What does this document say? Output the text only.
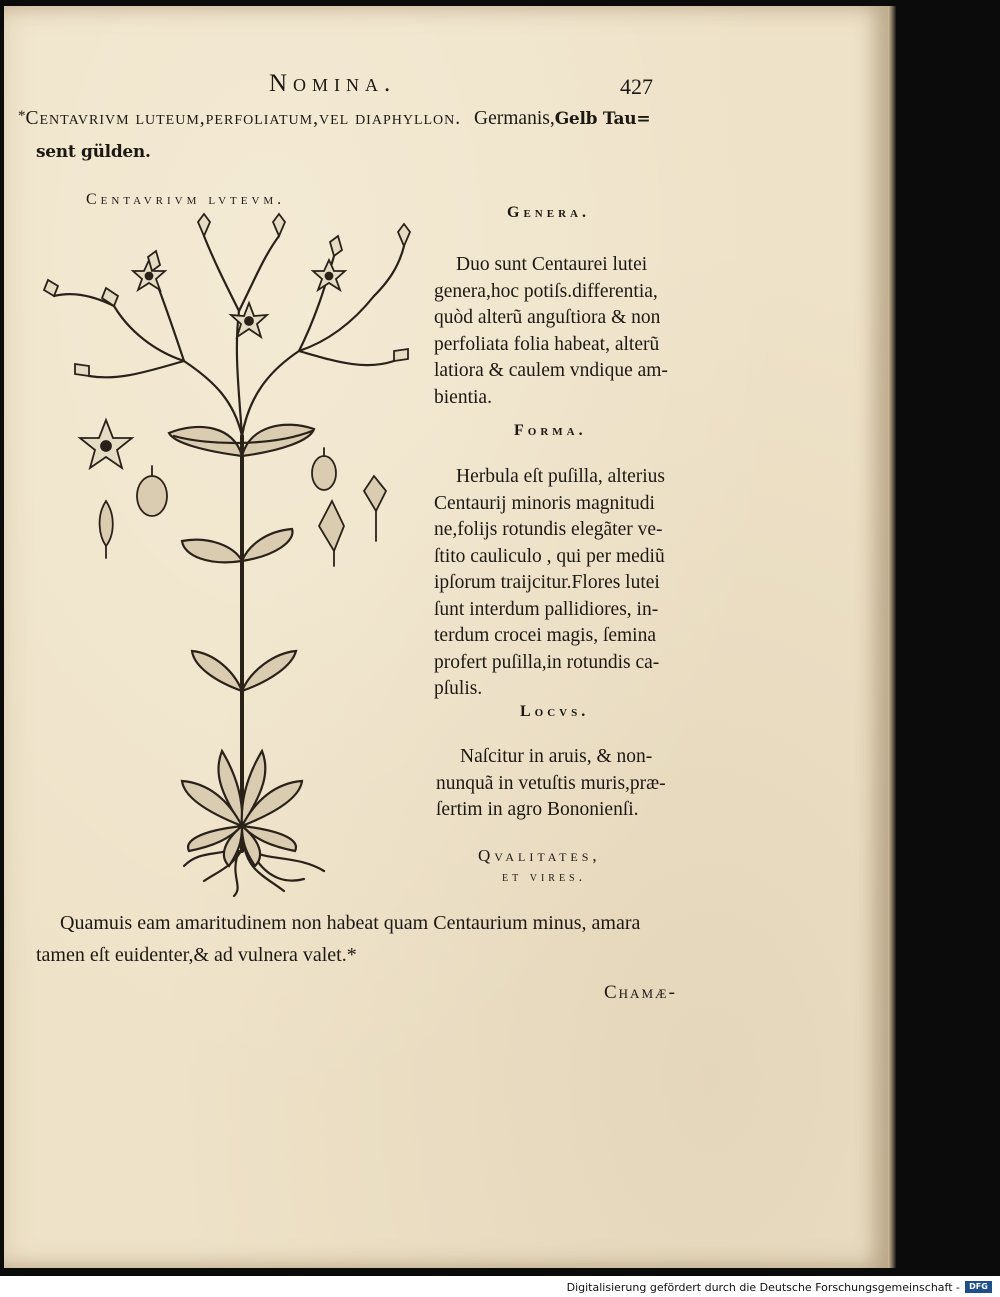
Nomina.	427
*Centavrivm luteum,perfoliatum,vel diaphyllon. Germanis,Gelb Tau=
sent gülden.
Centavrivm lvtevm.
Genera.
Duo sunt Centaurei lutei
genera,hoc potiſs.differentia,
quòd alterũ anguſtiora & non
perfoliata folia habeat, alterũ
latiora & caulem vndique am-
bientia.
Forma.
Herbula eſt puſilla, alterius
Centaurij minoris magnitudi
ne,folijs rotundis elegãter ve-
ſtito cauliculo , qui per mediũ
ipſorum traijcitur.Flores lutei
ſunt interdum pallidiores, in-
terdum crocei magis, ſemina
profert puſilla,in rotundis ca-
pſulis.
Locvs.
Naſcitur in aruis, & non-
nunquã in vetuſtis muris,præ-
ſertim in agro Bononienſi.
Qvalitates,
et vires.
Quamuis eam amaritudinem non habeat quam Centaurium minus, amara
tamen eſt euidenter,& ad vulnera valet.*
Chamæ-
Digitalisierung gefördert durch die Deutsche Forschungsgemeinschaft -	DFG
